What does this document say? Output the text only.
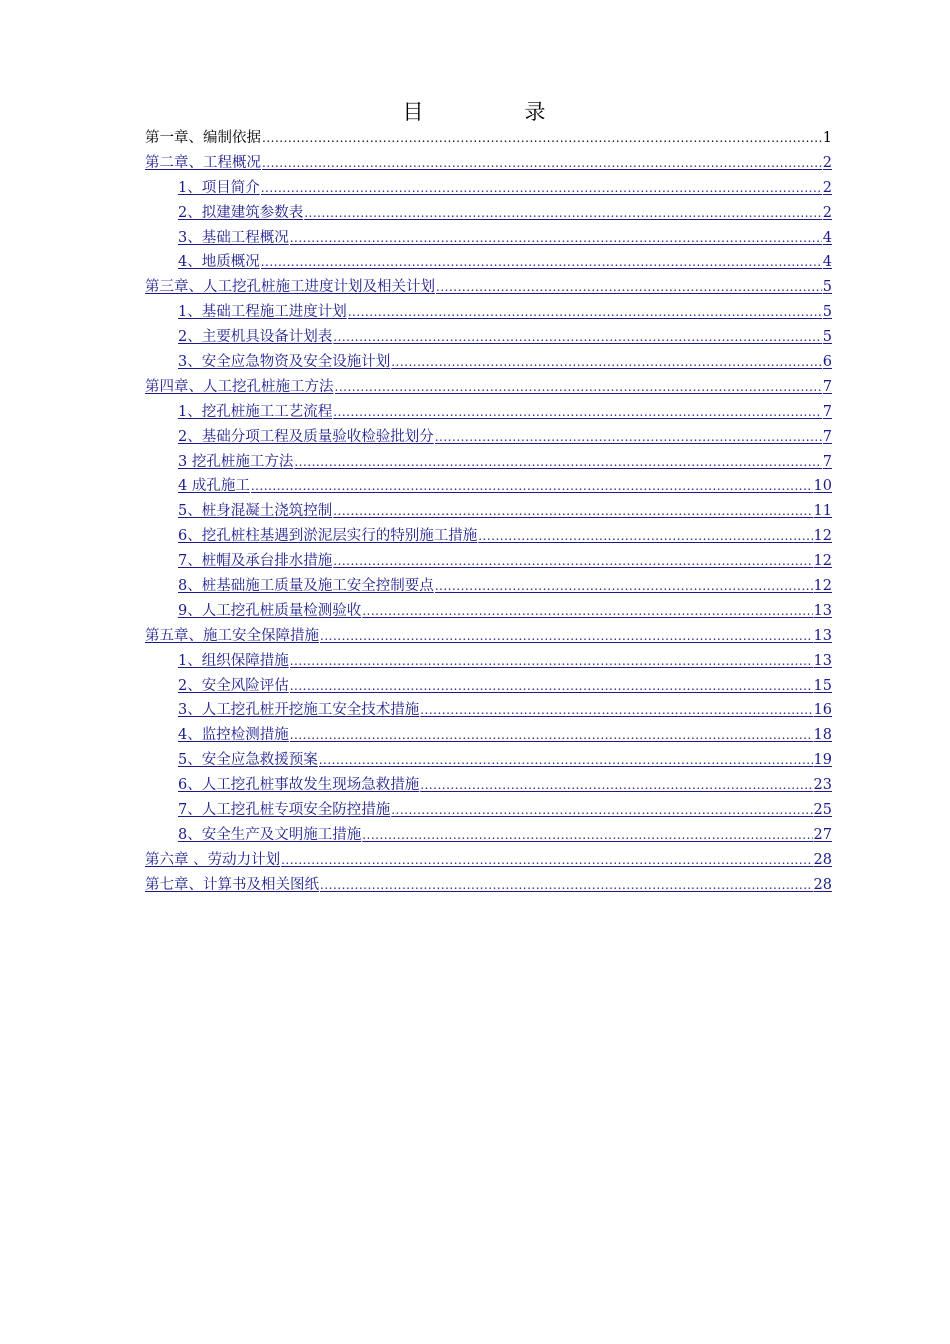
目　录
第一章、编制依据 .....	1
第二章、工程概况 .....	2
1、项目简介 .....	2
2、拟建建筑参数表 .....	2
3、基础工程概况 .....	4
4、地质概况 .....	4
第三章、人工挖孔桩施工进度计划及相关计划 .....	5
1、基础工程施工进度计划 .....	5
2、主要机具设备计划表 .....	5
3、安全应急物资及安全设施计划 .....	6
第四章、人工挖孔桩施工方法 .....	7
1、挖孔桩施工工艺流程 .....	7
2、基础分项工程及质量验收检验批划分 .....	7
3 挖孔桩施工方法 .....	7
4 成孔施工 .....	10
5、桩身混凝土浇筑控制 .....	11
6、挖孔桩柱基遇到淤泥层实行的特别施工措施 .....	12
7、桩帽及承台排水措施 .....	12
8、桩基础施工质量及施工安全控制要点 .....	12
9、人工挖孔桩质量检测验收 .....	13
第五章、施工安全保障措施 .....	13
1、组织保障措施 .....	13
2、安全风险评估 .....	15
3、人工挖孔桩开挖施工安全技术措施 .....	16
4、监控检测措施 .....	18
5、安全应急救援预案 .....	19
6、人工挖孔桩事故发生现场急救措施 .....	23
7、人工挖孔桩专项安全防控措施 .....	25
8、安全生产及文明施工措施 .....	27
第六章 、劳动力计划 .....	28
第七章、计算书及相关图纸 .....	28
